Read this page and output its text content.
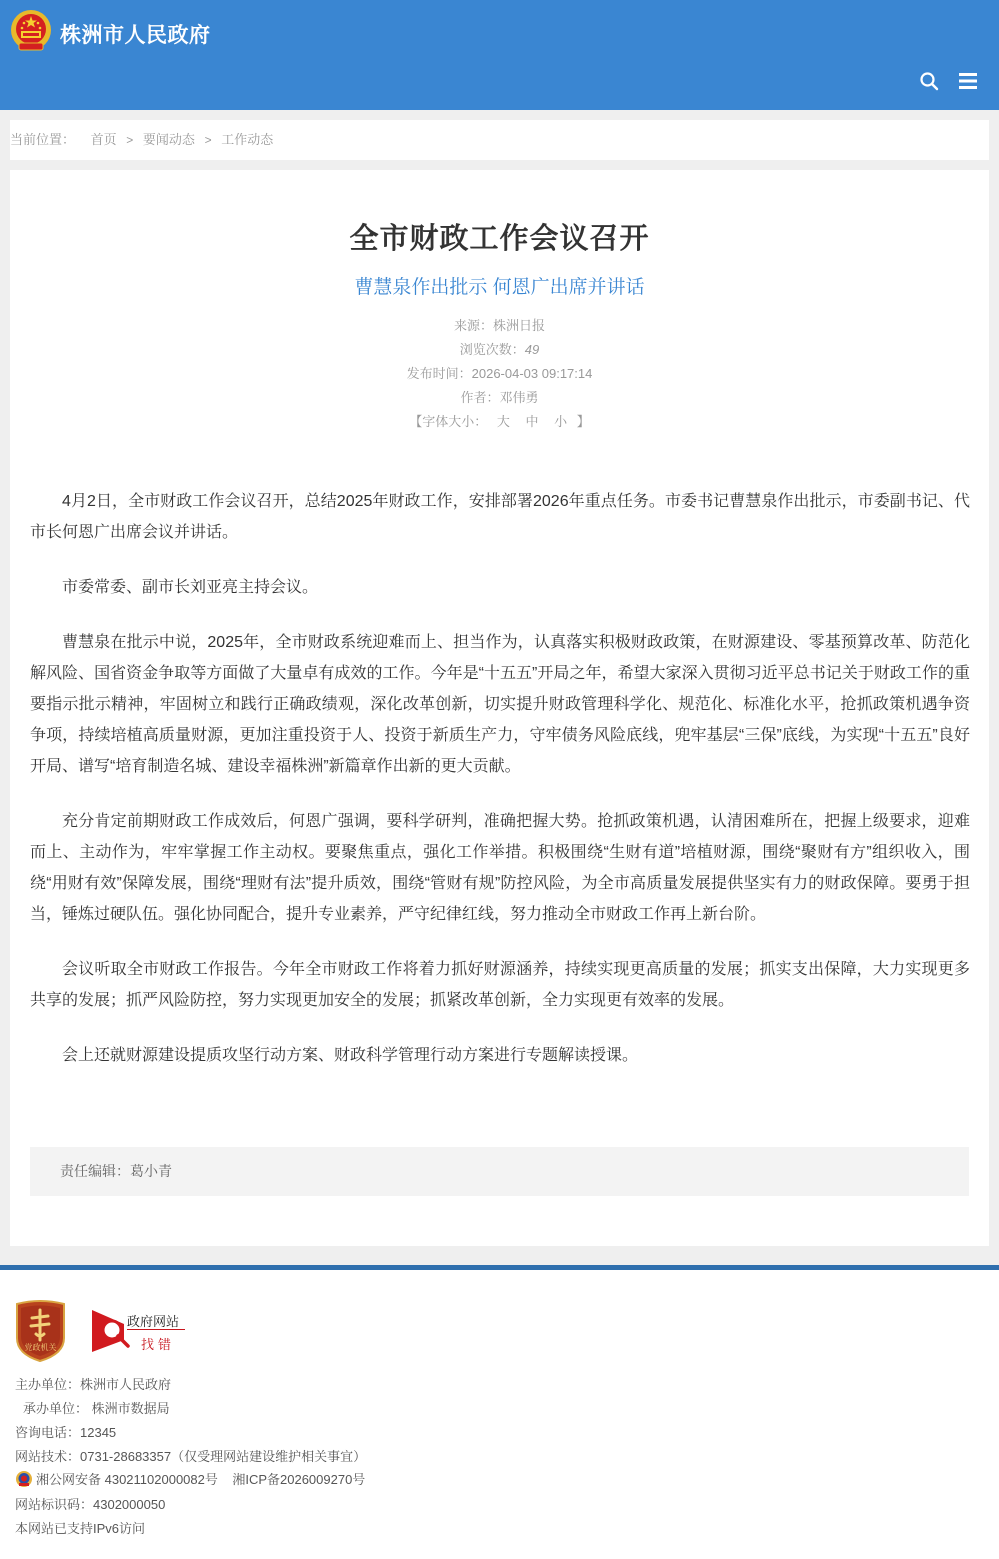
株洲市人民政府
当前位置： 首页 > 要闻动态 > 工作动态
全市财政工作会议召开
曹慧泉作出批示 何恩广出席并讲话
来源：株洲日报
浏览次数：49
发布时间：2026-04-03 09:17:14
作者：邓伟勇
【字体大小： 大 中 小 】

4月2日，全市财政工作会议召开，总结2025年财政工作，安排部署2026年重点任务。市委书记曹慧泉作出批示，市委副书记、代市长何恩广出席会议并讲话。

市委常委、副市长刘亚亮主持会议。

曹慧泉在批示中说，2025年，全市财政系统迎难而上、担当作为，认真落实积极财政政策，在财源建设、零基预算改革、防范化解风险、国省资金争取等方面做了大量卓有成效的工作。今年是“十五五”开局之年，希望大家深入贯彻习近平总书记关于财政工作的重要指示批示精神，牢固树立和践行正确政绩观，深化改革创新，切实提升财政管理科学化、规范化、标准化水平，抢抓政策机遇争资争项，持续培植高质量财源，更加注重投资于人、投资于新质生产力，守牢债务风险底线，兜牢基层“三保”底线，为实现“十五五”良好开局、谱写“培育制造名城、建设幸福株洲”新篇章作出新的更大贡献。

充分肯定前期财政工作成效后，何恩广强调，要科学研判，准确把握大势。抢抓政策机遇，认清困难所在，把握上级要求，迎难而上、主动作为，牢牢掌握工作主动权。要聚焦重点，强化工作举措。积极围绕“生财有道”培植财源，围绕“聚财有方”组织收入，围绕“用财有效”保障发展，围绕“理财有法”提升质效，围绕“管财有规”防控风险，为全市高质量发展提供坚实有力的财政保障。要勇于担当，锤炼过硬队伍。强化协同配合，提升专业素养，严守纪律红线，努力推动全市财政工作再上新台阶。

会议听取全市财政工作报告。今年全市财政工作将着力抓好财源涵养，持续实现更高质量的发展；抓实支出保障，大力实现更多共享的发展；抓严风险防控，努力实现更加安全的发展；抓紧改革创新，全力实现更有效率的发展。

会上还就财源建设提质攻坚行动方案、财政科学管理行动方案进行专题解读授课。

责任编辑：葛小青
党政机关
政府网站
找错
主办单位：株洲市人民政府
承办单位： 株洲市数据局
咨询电话：12345
网站技术：0731-28683357（仅受理网站建设维护相关事宜）
湘公网安备 43021102000082号 湘ICP备2026009270号
网站标识码：4302000050
本网站已支持IPv6访问
